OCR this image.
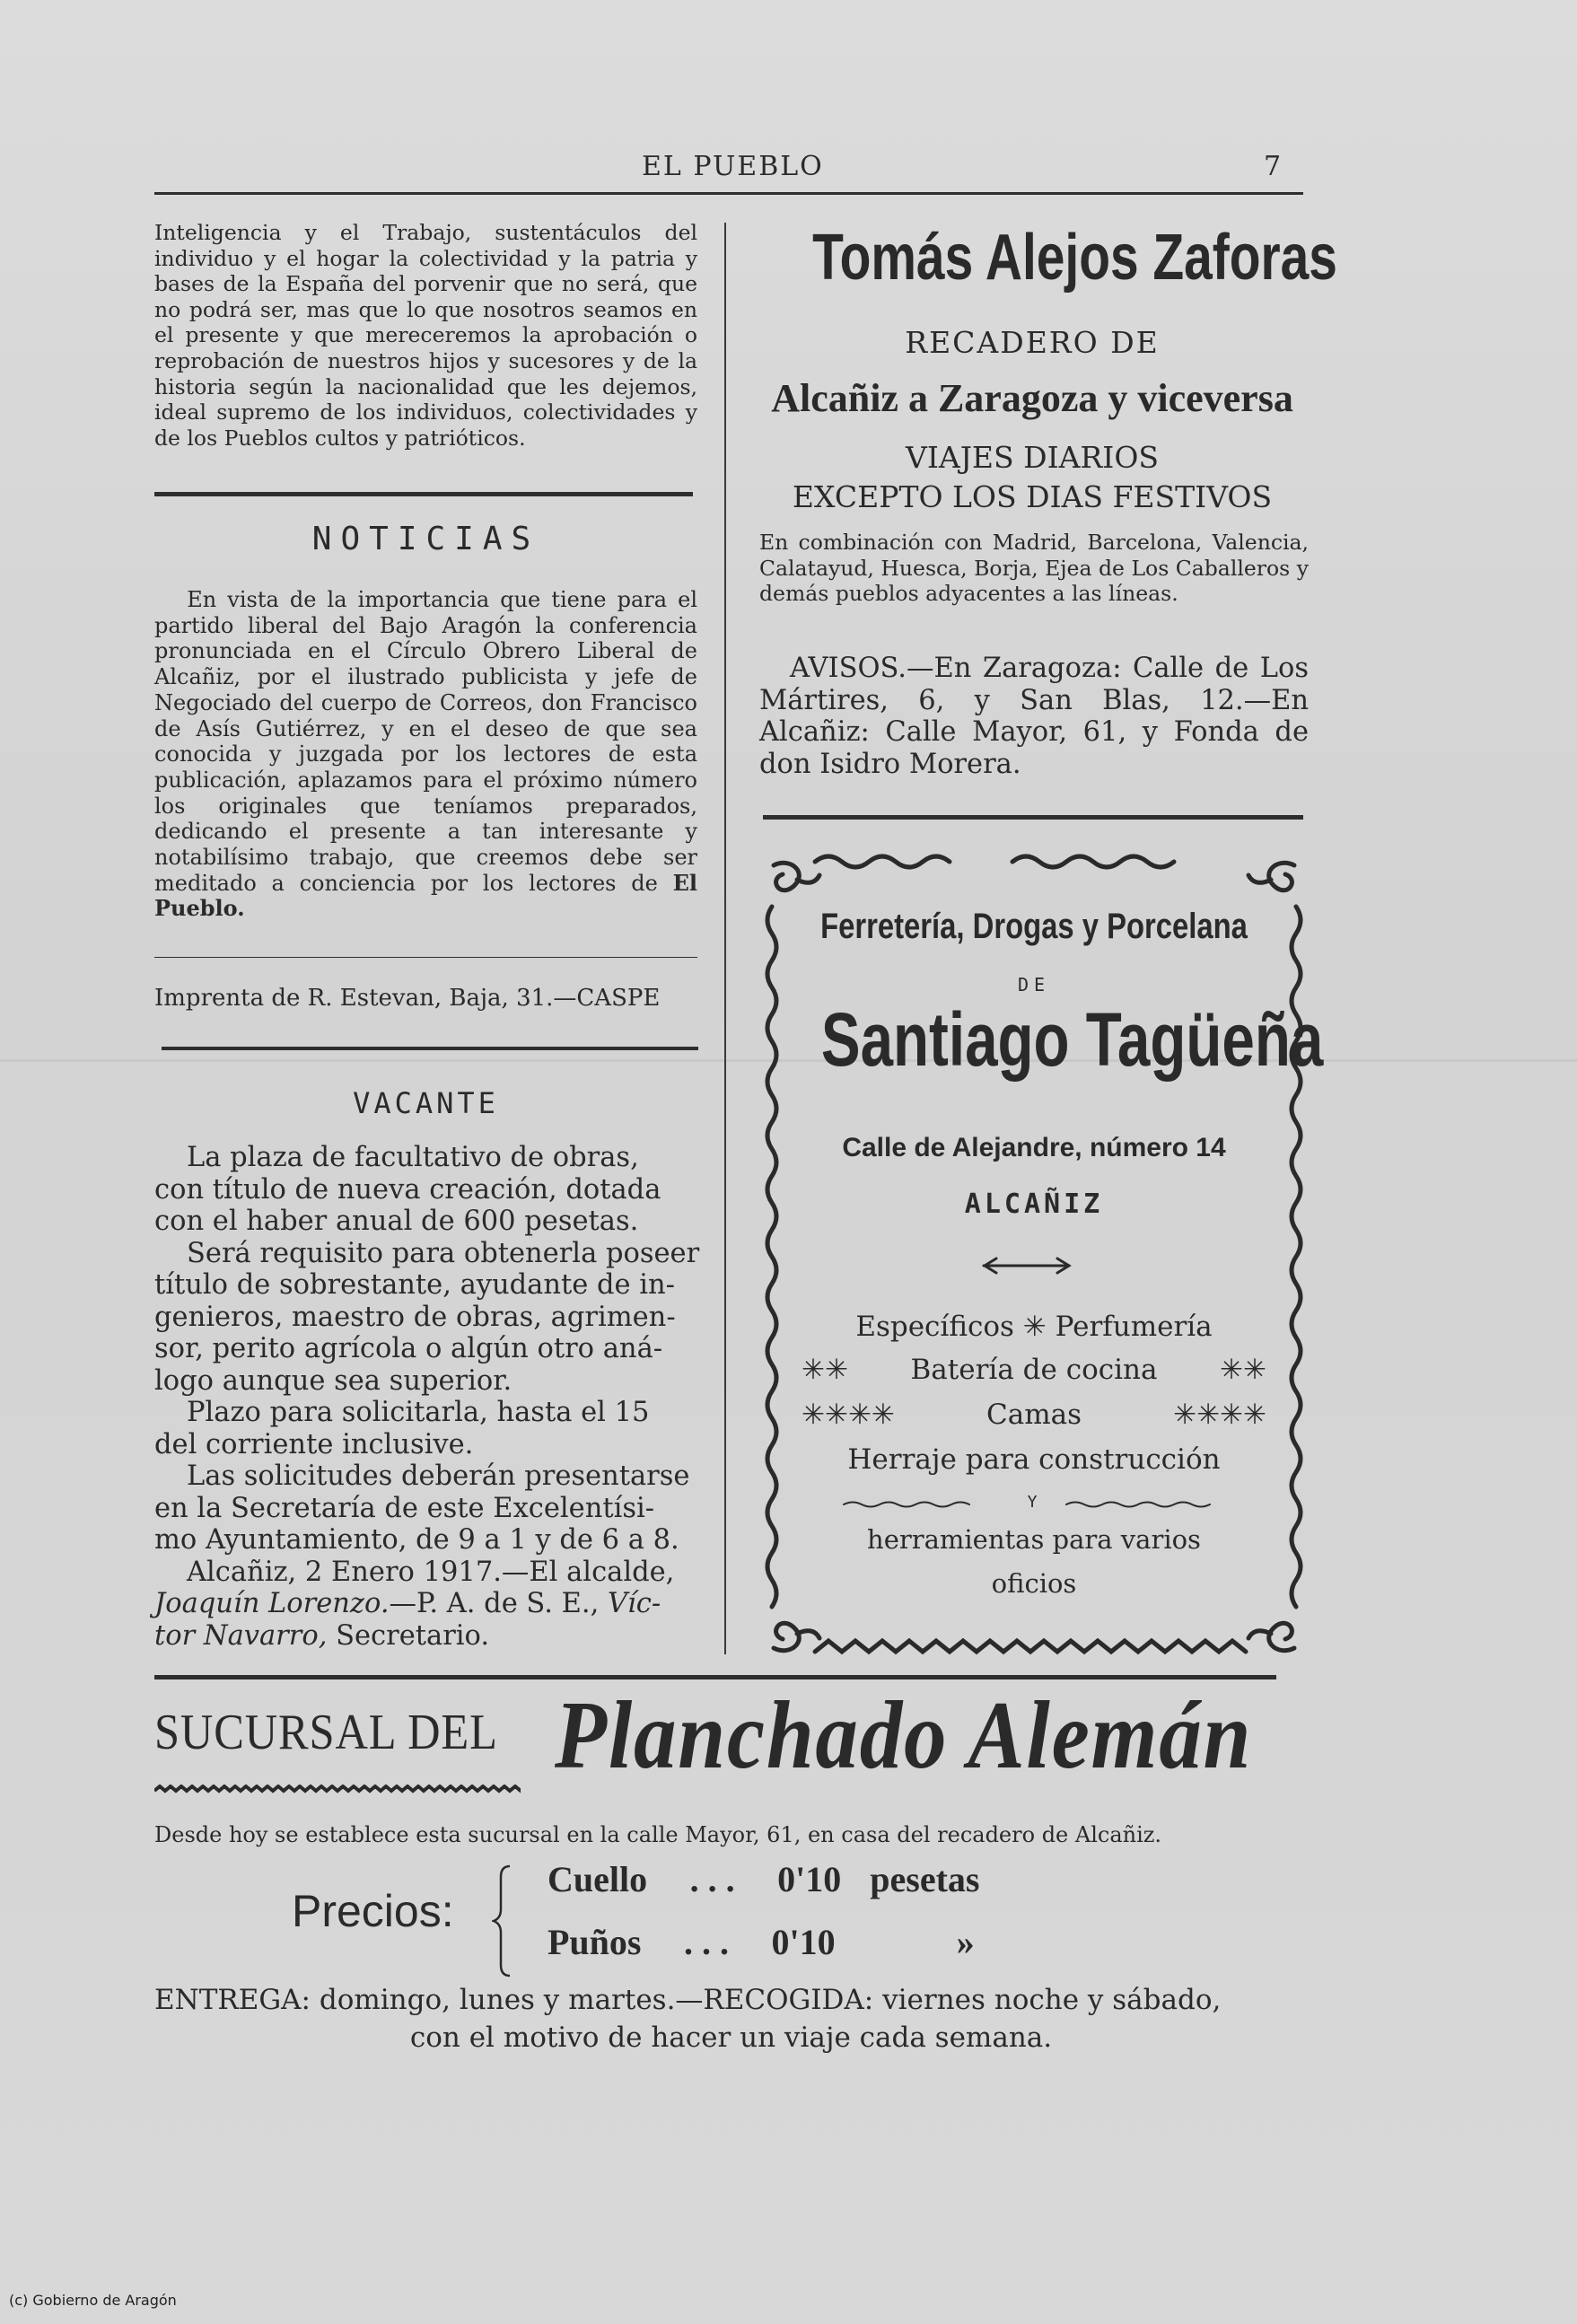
EL PUEBLO	7

Inteligencia y el Trabajo, sustentáculos del individuo y el hogar la colectividad y la patria y bases de la España del porvenir que no será, que no podrá ser, mas que lo que nosotros seamos en el presente y que mereceremos la aprobación o reprobación de nuestros hijos y sucesores y de la historia según la nacionalidad que les dejemos, ideal supremo de los individuos, colectividades y de los Pueblos cultos y patrióticos.

NOTICIAS

En vista de la importancia que tiene para el partido liberal del Bajo Aragón la conferencia pronunciada en el Círculo Obrero Liberal de Alcañiz, por el ilustrado publicista y jefe de Negociado del cuerpo de Correos, don Francisco de Asís Gutiérrez, y en el deseo de que sea conocida y juzgada por los lectores de esta publicación, aplazamos para el próximo número los originales que teníamos preparados, dedicando el presente a tan interesante y notabilísimo trabajo, que creemos debe ser meditado a conciencia por los lectores de El Pueblo.

Imprenta de R. Estevan, Baja, 31.—CASPE
VACANTE

La plaza de facultativo de obras,

con título de nueva creación, dotada

con el haber anual de 600 pesetas.

Será requisito para obtenerla poseer

título de sobrestante, ayudante de in-

genieros, maestro de obras, agrimen-

sor, perito agrícola o algún otro aná-

logo aunque sea superior.

Plazo para solicitarla, hasta el 15

del corriente inclusive.

Las solicitudes deberán presentarse

en la Secretaría de este Excelentísi-

mo Ayuntamiento, de 9 a 1 y de 6 a 8.

Alcañiz, 2 Enero 1917.—El alcalde,

Joaquín Lorenzo.—P. A. de S. E., Víc-

tor Navarro, Secretario.

Tomás Alejos Zaforas
RECADERO DE
Alcañiz a Zaragoza y viceversa
VIAJES DIARIOS
EXCEPTO LOS DIAS FESTIVOS
En combinación con Madrid, Barcelona, Valencia, Calatayud, Huesca, Borja, Ejea de Los Caballeros y demás pueblos adyacentes a las líneas.
AVISOS.—En Zaragoza: Calle de Los Mártires, 6, y San Blas, 12.—En Alcañiz: Calle Mayor, 61, y Fonda de don Isidro Morera.
Ferretería, Drogas y Porcelana
DE
Santiago Tagüeña
Calle de Alejandre, número 14
ALCAÑIZ
Específicos ✳ Perfumería
✳✳ Batería de cocina ✳✳
✳✳✳✳	Camas	✳✳✳✳
Herraje para construcción
Y
herramientas para varios
oficios
SUCURSAL DEL Planchado Alemán
Desde hoy se establece esta sucursal en la calle Mayor, 61, en casa del recadero de Alcañiz.
Precios:
Cuello . . . 0'10 pesetas
Puños . . . 0'10	»
ENTREGA: domingo, lunes y martes.—RECOGIDA: viernes noche y sábado,
con el motivo de hacer un viaje cada semana.
(c) Gobierno de Aragón
